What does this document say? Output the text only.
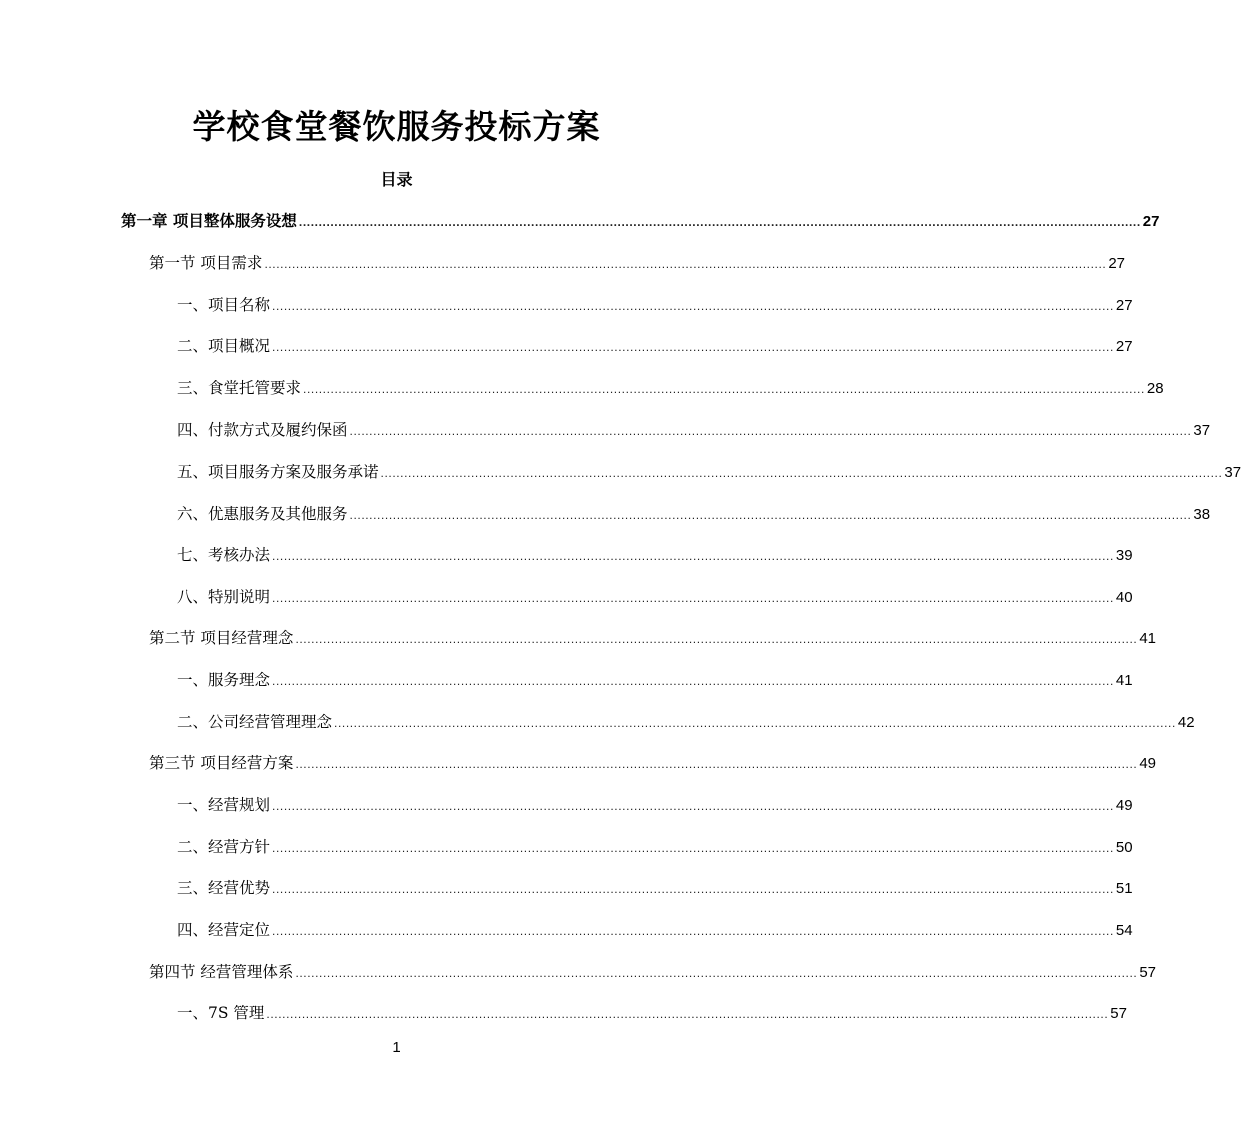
学校食堂餐饮服务投标方案
目录
第一章 项目整体服务设想 ...................................................................................................................................................................................................................... 27
第一节 项目需求 ...................................................................................................................................................................................................................... 27
一、项目名称 ...................................................................................................................................................................................................................... 27
二、项目概况 ...................................................................................................................................................................................................................... 27
三、食堂托管要求 ...................................................................................................................................................................................................................... 28
四、付款方式及履约保函 ...................................................................................................................................................................................................................... 37
五、项目服务方案及服务承诺 ...................................................................................................................................................................................................................... 37
六、优惠服务及其他服务 ...................................................................................................................................................................................................................... 38
七、考核办法 ...................................................................................................................................................................................................................... 39
八、特别说明 ...................................................................................................................................................................................................................... 40
第二节 项目经营理念 ...................................................................................................................................................................................................................... 41
一、服务理念 ...................................................................................................................................................................................................................... 41
二、公司经营管理理念 ...................................................................................................................................................................................................................... 42
第三节 项目经营方案 ...................................................................................................................................................................................................................... 49
一、经营规划 ...................................................................................................................................................................................................................... 49
二、经营方针 ...................................................................................................................................................................................................................... 50
三、经营优势 ...................................................................................................................................................................................................................... 51
四、经营定位 ...................................................................................................................................................................................................................... 54
第四节 经营管理体系 ...................................................................................................................................................................................................................... 57
一、7S 管理 ...................................................................................................................................................................................................................... 57
1
